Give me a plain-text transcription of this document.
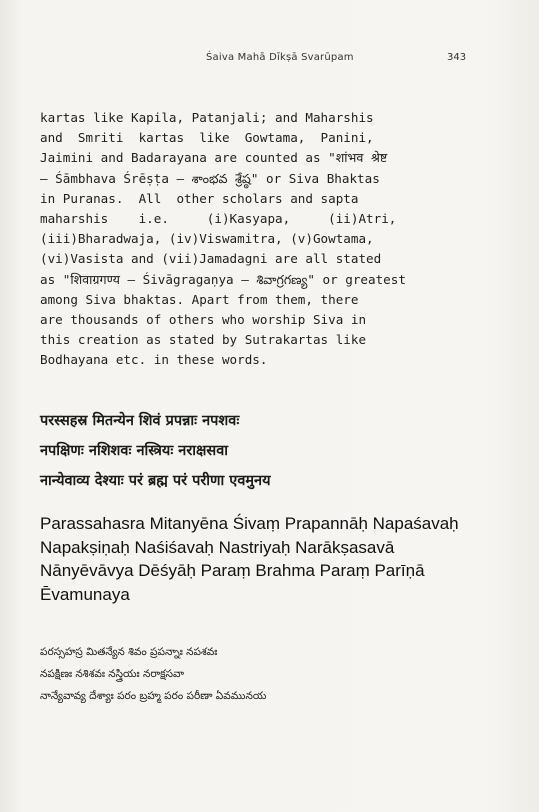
Śaiva Mahā Dīkṣā Svarūpam	343
kartas like Kapila, Patanjali; and Maharshis
and  Smriti  kartas  like  Gowtama,  Panini,
Jaimini and Badarayana are counted as "शांभव श्रेष्ट
– Śāmbhava Śrēṣṭa – శాంభవ శ్రేష్ఠ" or Siva Bhaktas
in Puranas.  All  other scholars and sapta
maharshis    i.e.     (i)Kasyapa,     (ii)Atri,
(iii)Bharadwaja, (iv)Viswamitra, (v)Gowtama,
(vi)Vasista and (vii)Jamadagni are all stated
as "शिवाग्रगण्य – Śivāgragaṇya – శివాగ్రగణ్య" or greatest
among Siva bhaktas. Apart from them, there
are thousands of others who worship Siva in
this creation as stated by Sutrakartas like
Bodhayana etc. in these words.
परस्सहस्र मितन्येन शिवं प्रपन्नाः नपशवः
नपक्षिणः नशिशवः नस्त्रियः नराक्षसवा
नान्येवाव्य देश्याः परं ब्रह्म परं परीणा एवमुनय
Parassahasra Mitanyēna Śivaṃ Prapannāḥ Napaśavaḥ
Napakṣiṇaḥ Naśiśavaḥ Nastriyaḥ Narākṣasavā
Nānyēvāvya Dēśyāḥ Paraṃ Brahma Paraṃ Parīṇā
Ēvamunaya
పరస్సహస్ర మితన్యేన శివం ప్రపన్నాః నపశవః
నపక్షిణః నశిశవః నస్త్రియః నరాక్షసవా
నాన్యేవావ్య దేశ్యాః పరం బ్రహ్మ పరం పరీణా ఏవమునయ
